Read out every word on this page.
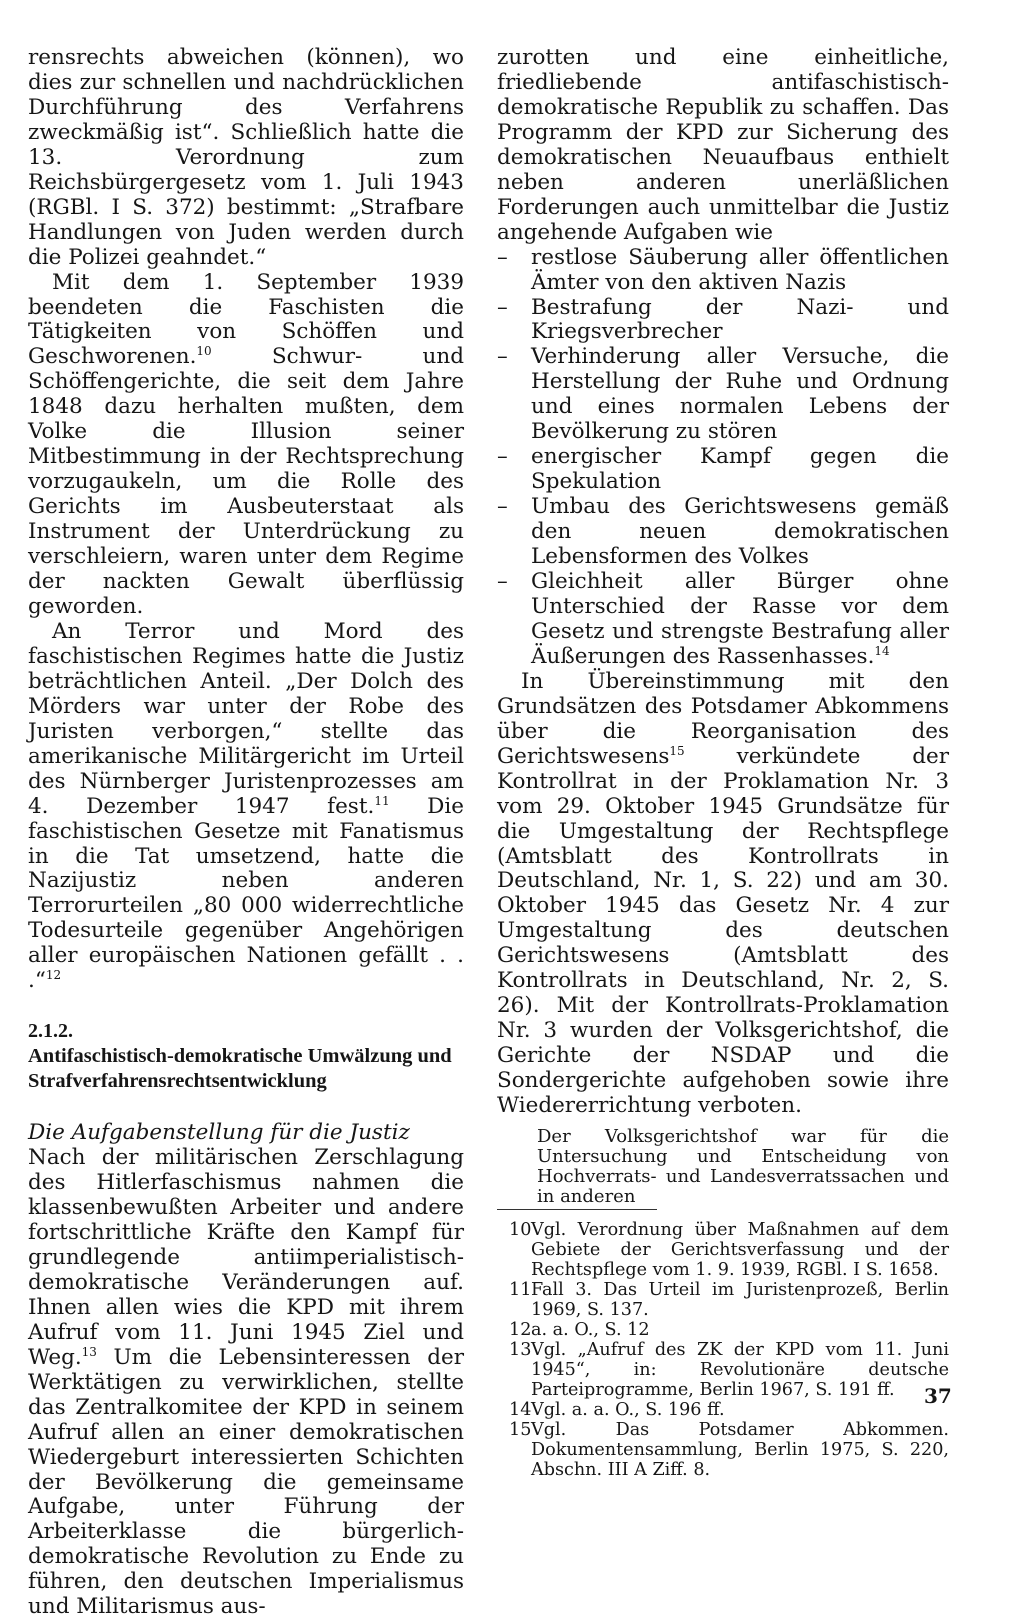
rensrechts abweichen (können), wo dies zur schnellen und nachdrücklichen Durchführung des Verfahrens zweckmäßig ist“. Schließlich hatte die 13. Verordnung zum Reichsbürgergesetz vom 1. Juli 1943 (RGBl. I S. 372) bestimmt: „Strafbare Handlungen von Juden werden durch die Polizei geahndet.“

Mit dem 1. September 1939 beendeten die Faschisten die Tätigkeiten von Schöffen und Geschworenen.$^{10}$ Schwur- und Schöffengerichte, die seit dem Jahre 1848 dazu herhalten mußten, dem Volke die Illusion seiner Mitbestimmung in der Rechtsprechung vorzugaukeln, um die Rolle des Gerichts im Ausbeuterstaat als Instrument der Unterdrückung zu verschleiern, waren unter dem Regime der nackten Gewalt überflüssig geworden.

An Terror und Mord des faschistischen Regimes hatte die Justiz beträchtlichen Anteil. „Der Dolch des Mörders war unter der Robe des Juristen verborgen,“ stellte das amerikanische Militärgericht im Urteil des Nürnberger Juristenprozesses am 4. Dezember 1947 fest.$^{11}$ Die faschistischen Gesetze mit Fanatismus in die Tat umsetzend, hatte die Nazijustiz neben anderen Terrorurteilen „80 000 widerrechtliche Todesurteile gegenüber Angehörigen aller europäischen Nationen gefällt . . .“$^{12}$

2.1.2.
Antifaschistisch-demokratische Umwälzung und Strafverfahrensrechtsentwicklung

Die Aufgabenstellung für die Justiz

Nach der militärischen Zerschlagung des Hitlerfaschismus nahmen die klassenbewußten Arbeiter und andere fortschrittliche Kräfte den Kampf für grundlegende antiimperialistisch-demokratische Veränderungen auf. Ihnen allen wies die KPD mit ihrem Aufruf vom 11. Juni 1945 Ziel und Weg.$^{13}$ Um die Lebensinteressen der Werktätigen zu verwirklichen, stellte das Zentralkomitee der KPD in seinem Aufruf allen an einer demokratischen Wiedergeburt interessierten Schichten der Bevölkerung die gemeinsame Aufgabe, unter Führung der Arbeiterklasse die bürgerlich-demokratische Revolution zu Ende zu führen, den deutschen Imperialismus und Militarismus aus-

zurotten und eine einheitliche, friedliebende antifaschistisch-demokratische Republik zu schaffen. Das Programm der KPD zur Sicherung des demokratischen Neuaufbaus enthielt neben anderen unerläßlichen Forderungen auch unmittelbar die Justiz angehende Aufgaben wie

– restlose Säuberung aller öffentlichen Ämter von den aktiven Nazis
– Bestrafung der Nazi- und Kriegsverbrecher
– Verhinderung aller Versuche, die Herstellung der Ruhe und Ordnung und eines normalen Lebens der Bevölkerung zu stören
– energischer Kampf gegen die Spekulation
– Umbau des Gerichtswesens gemäß den neuen demokratischen Lebensformen des Volkes
– Gleichheit aller Bürger ohne Unterschied der Rasse vor dem Gesetz und strengste Bestrafung aller Äußerungen des Rassenhasses.$^{14}$

In Übereinstimmung mit den Grundsätzen des Potsdamer Abkommens über die Reorganisation des Gerichtswesens$^{15}$ verkündete der Kontrollrat in der Proklamation Nr. 3 vom 29. Oktober 1945 Grundsätze für die Umgestaltung der Rechtspflege (Amtsblatt des Kontrollrats in Deutschland, Nr. 1, S. 22) und am 30. Oktober 1945 das Gesetz Nr. 4 zur Umgestaltung des deutschen Gerichtswesens (Amtsblatt des Kontrollrats in Deutschland, Nr. 2, S. 26). Mit der Kontrollrats-Proklamation Nr. 3 wurden der Volksgerichtshof, die Gerichte der NSDAP und die Sondergerichte aufgehoben sowie ihre Wiedererrichtung verboten.

Der Volksgerichtshof war für die Untersuchung und Entscheidung von Hochverrats- und Landesverratssachen und in anderen

10 Vgl. Verordnung über Maßnahmen auf dem Gebiete der Gerichtsverfassung und der Rechtspflege vom 1. 9. 1939, RGBl. I S. 1658.
11 Fall 3. Das Urteil im Juristenprozeß, Berlin 1969, S. 137.
12 a. a. O., S. 12
13 Vgl. „Aufruf des ZK der KPD vom 11. Juni 1945“, in: Revolutionäre deutsche Parteiprogramme, Berlin 1967, S. 191 ff.
14 Vgl. a. a. O., S. 196 ff.
15 Vgl. Das Potsdamer Abkommen. Dokumentensammlung, Berlin 1975, S. 220, Abschn. III A Ziff. 8.
37
